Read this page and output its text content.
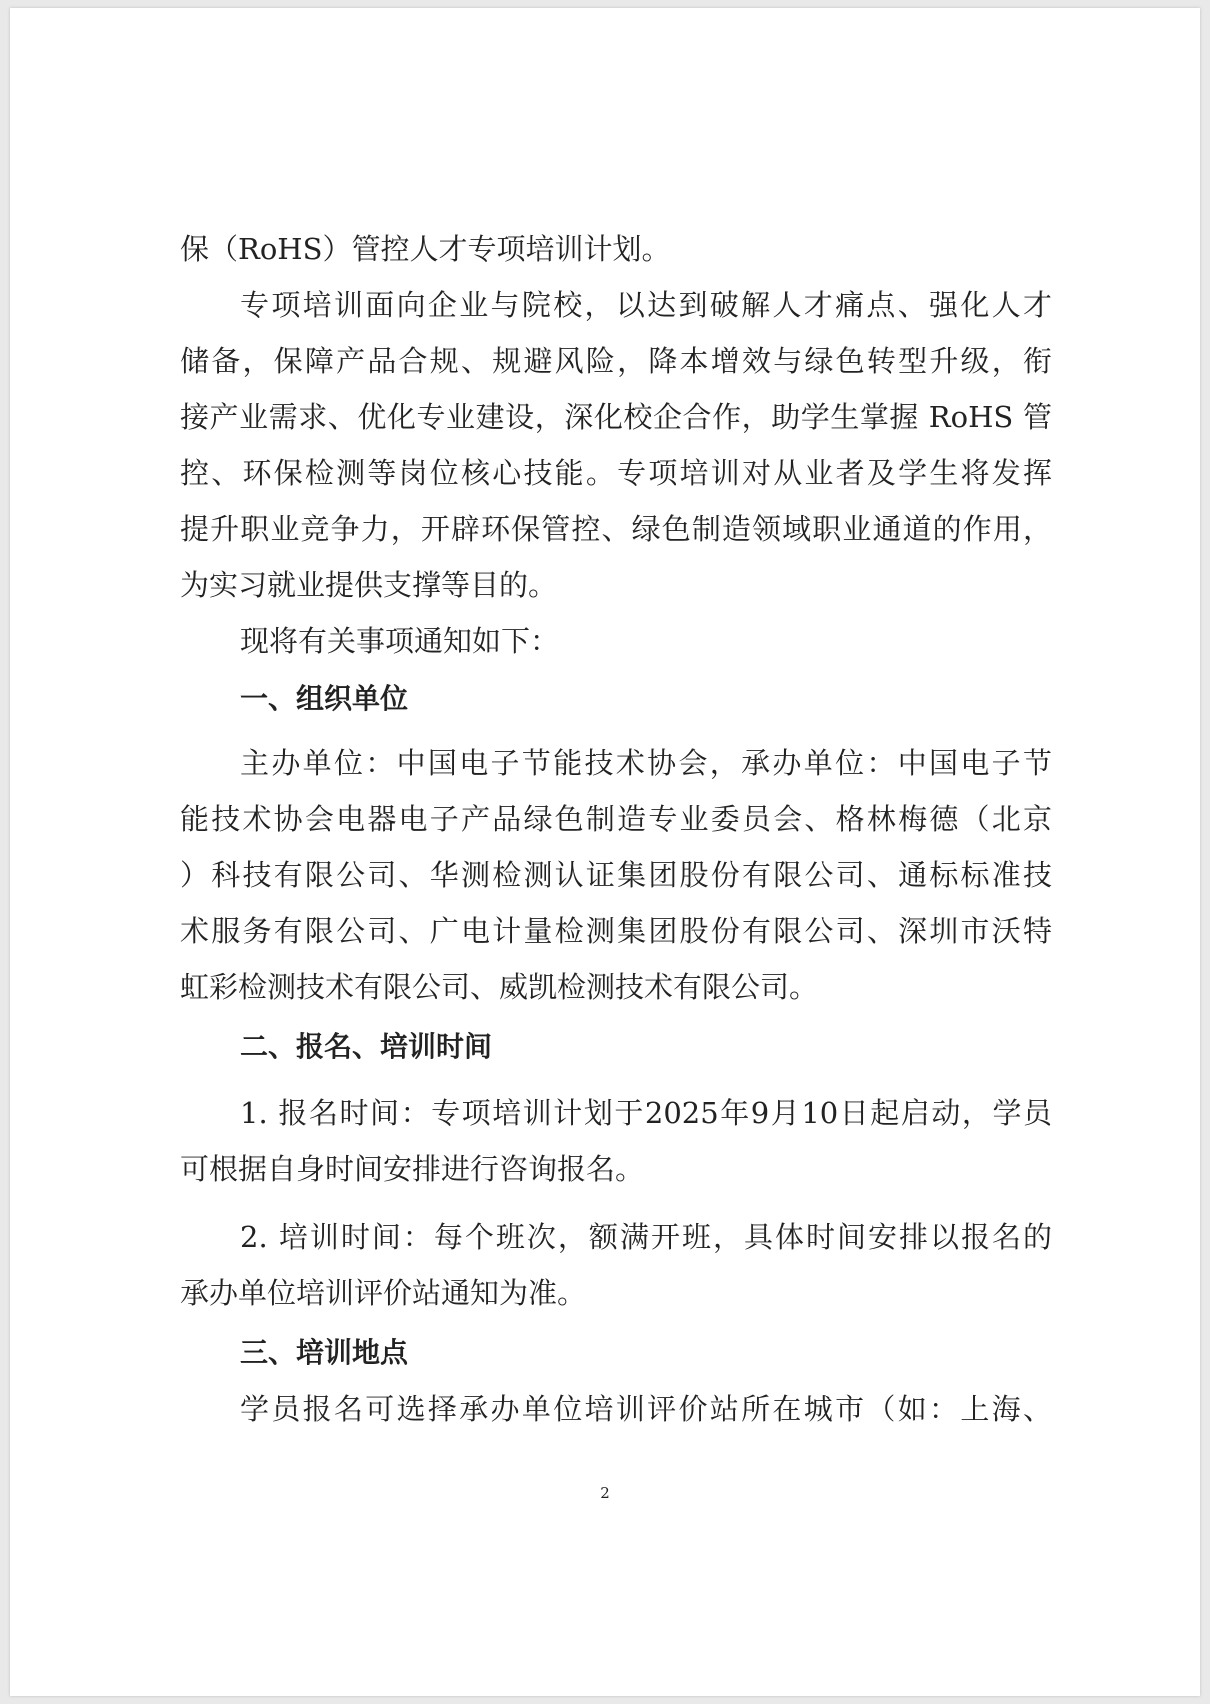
保（RoHS）管控人才专项培训计划。
专项培训面向企业与院校，以达到破解人才痛点、强化人才
储备，保障产品合规、规避风险，降本增效与绿色转型升级，衔
接产业需求、优化专业建设，深化校企合作，助学生掌握 RoHS 管
控、环保检测等岗位核心技能。专项培训对从业者及学生将发挥
提升职业竞争力，开辟环保管控、绿色制造领域职业通道的作用，
为实习就业提供支撑等目的。
现将有关事项通知如下：
一、组织单位
主办单位：中国电子节能技术协会，承办单位：中国电子节
能技术协会电器电子产品绿色制造专业委员会、格林梅德（北京
）科技有限公司、华测检测认证集团股份有限公司、通标标准技
术服务有限公司、广电计量检测集团股份有限公司、深圳市沃特
虹彩检测技术有限公司、威凯检测技术有限公司。
二、报名、培训时间
1. 报名时间：专项培训计划于2025年9月10日起启动，学员
可根据自身时间安排进行咨询报名。
2. 培训时间：每个班次，额满开班，具体时间安排以报名的
承办单位培训评价站通知为准。
三、培训地点
学员报名可选择承办单位培训评价站所在城市（如：上海、
2
